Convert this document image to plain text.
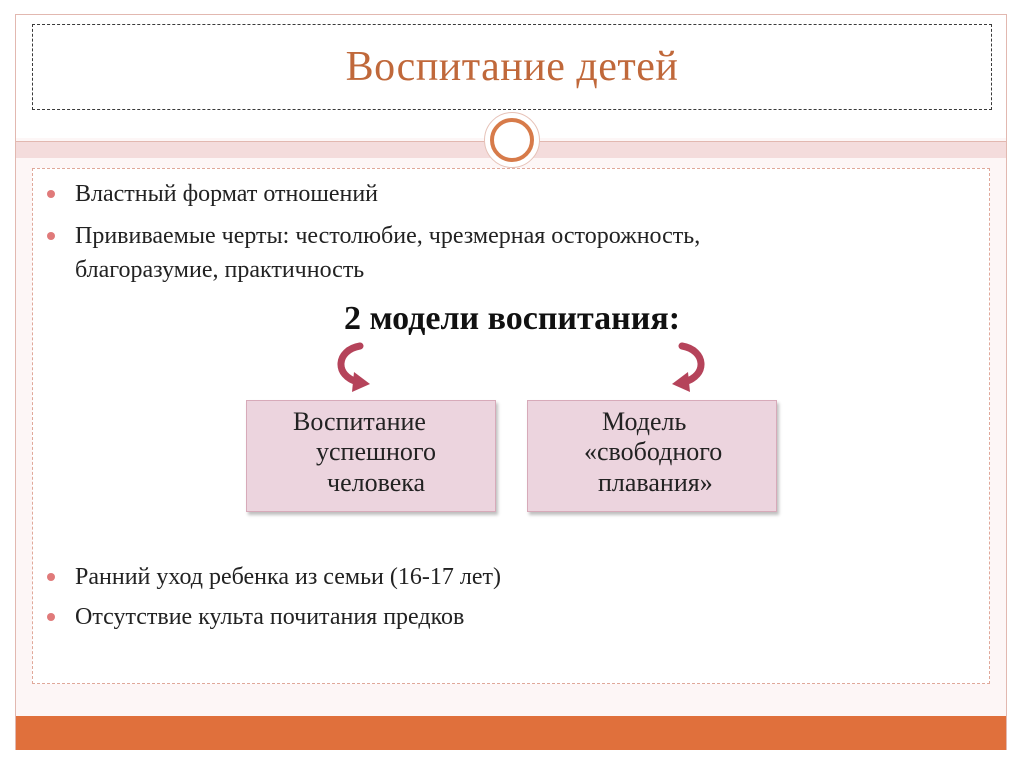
Воспитание детей
Властный формат отношений
Прививаемые черты: честолюбие, чрезмерная осторожность,
благоразумие, практичность
2 модели воспитания:
Воспитание
успешного
человека
Модель
«свободного
плавания»
Ранний уход ребенка из семьи (16-17 лет)
Отсутствие культа почитания предков
